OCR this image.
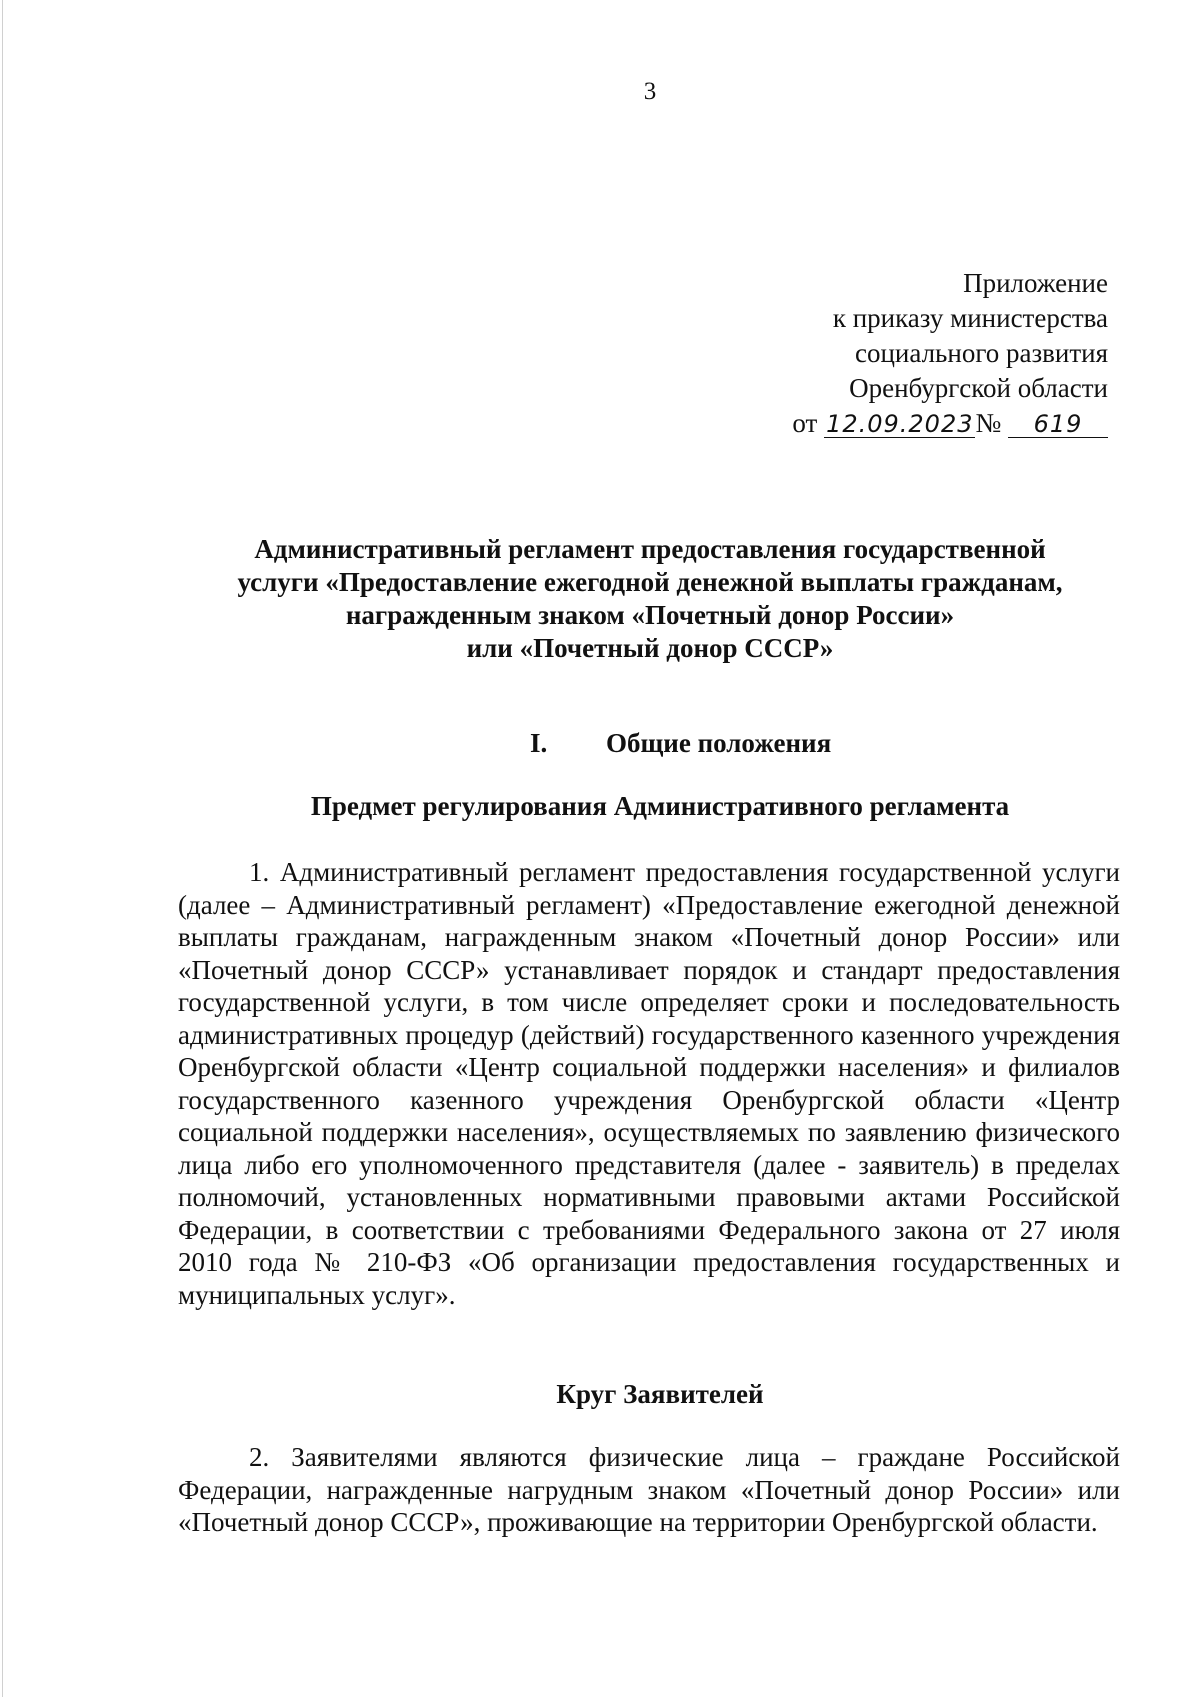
3
Приложение
к приказу министерства
социального развития
Оренбургской области
от 12.09.2023№ 619
Административный регламент предоставления государственной
услуги «Предоставление ежегодной денежной выплаты гражданам,
награжденным знаком «Почетный донор России»
или «Почетный донор СССР»
I. Общие положения
Предмет регулирования Административного регламента

1. Административный регламент предоставления государственной услуги (далее – Административный регламент) «Предоставление ежегодной денежной выплаты гражданам, награжденным знаком «Почетный донор России» или «Почетный донор СССР» устанавливает порядок и стандарт предоставления государственной услуги, в том числе определяет сроки и последовательность административных процедур (действий) государственного казенного учреждения Оренбургской области «Центр социальной поддержки населения» и филиалов государственного казенного учреждения Оренбургской области «Центр социальной поддержки населения», осуществляемых по заявлению физического лица либо его уполномоченного представителя (далее - заявитель) в пределах полномочий, установленных нормативными правовыми актами Российской Федерации, в соответствии с требованиями Федерального закона от 27 июля 2010 года № 210-ФЗ «Об организации предоставления государственных и муниципальных услуг».

Круг Заявителей

2. Заявителями являются физические лица – граждане Российской Федерации, награжденные нагрудным знаком «Почетный донор России» или «Почетный донор СССР», проживающие на территории Оренбургской области.
